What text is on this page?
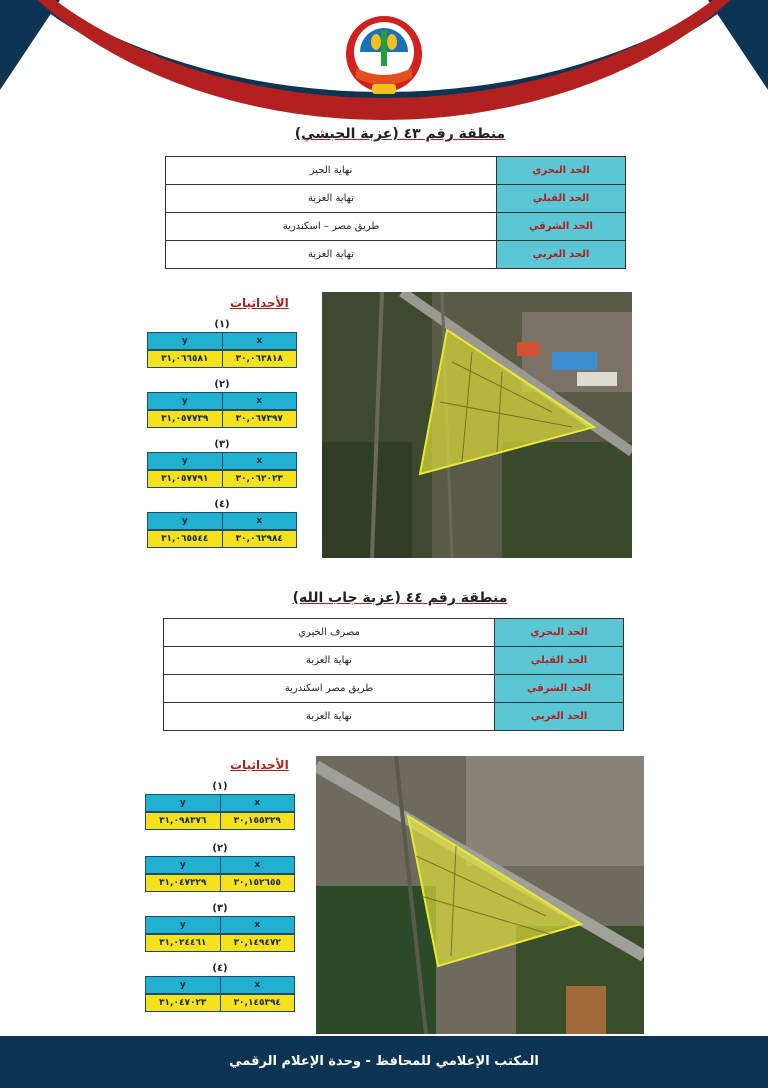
منطقة رقم ٤٣ (عزبة الحبشي)
الحد البحري	نهاية الحيز
الحد القبلي	نهاية العزبة
الحد الشرقي	طريق مصر – اسكندرية
الحد الغربي	نهاية العزبة
الأحداثيات
(١)
y	x
٣١,٠٦٦٥٨١	٣٠,٠٦٣٨١٨
(٢)
y	x
٣١,٠٥٧٧٣٩	٣٠,٠٦٧٣٩٧
(٣)
y	x
٣١,٠٥٧٧٩١	٣٠,٠٦٢٠٢٣
(٤)
y	x
٣١,٠٦٥٥٤٤	٣٠,٠٦٢٩٨٤
منطقة رقم ٤٤ (عزبة جاب الله)
الحد البحري	مصرف الخيري
الحد القبلي	نهاية العزبة
الحد الشرقي	طريق مصر اسكندرية
الحد الغربي	نهاية العزبة
الأحداثيات
(١)
y	x
٣١,٠٩٨٣٧٦	٣٠,١٥٥٣٢٩
(٢)
y	x
٣١,٠٤٧٣٢٩	٣٠,١٥٢٦٥٥
(٣)
y	x
٣١,٠٢٤٤٦١	٣٠,١٤٩٤٧٢
(٤)
y	x
٣١,٠٤٧٠٢٣	٣٠,١٤٥٣٩٤
المكتب الإعلامي للمحافظ - وحدة الإعلام الرقمي
